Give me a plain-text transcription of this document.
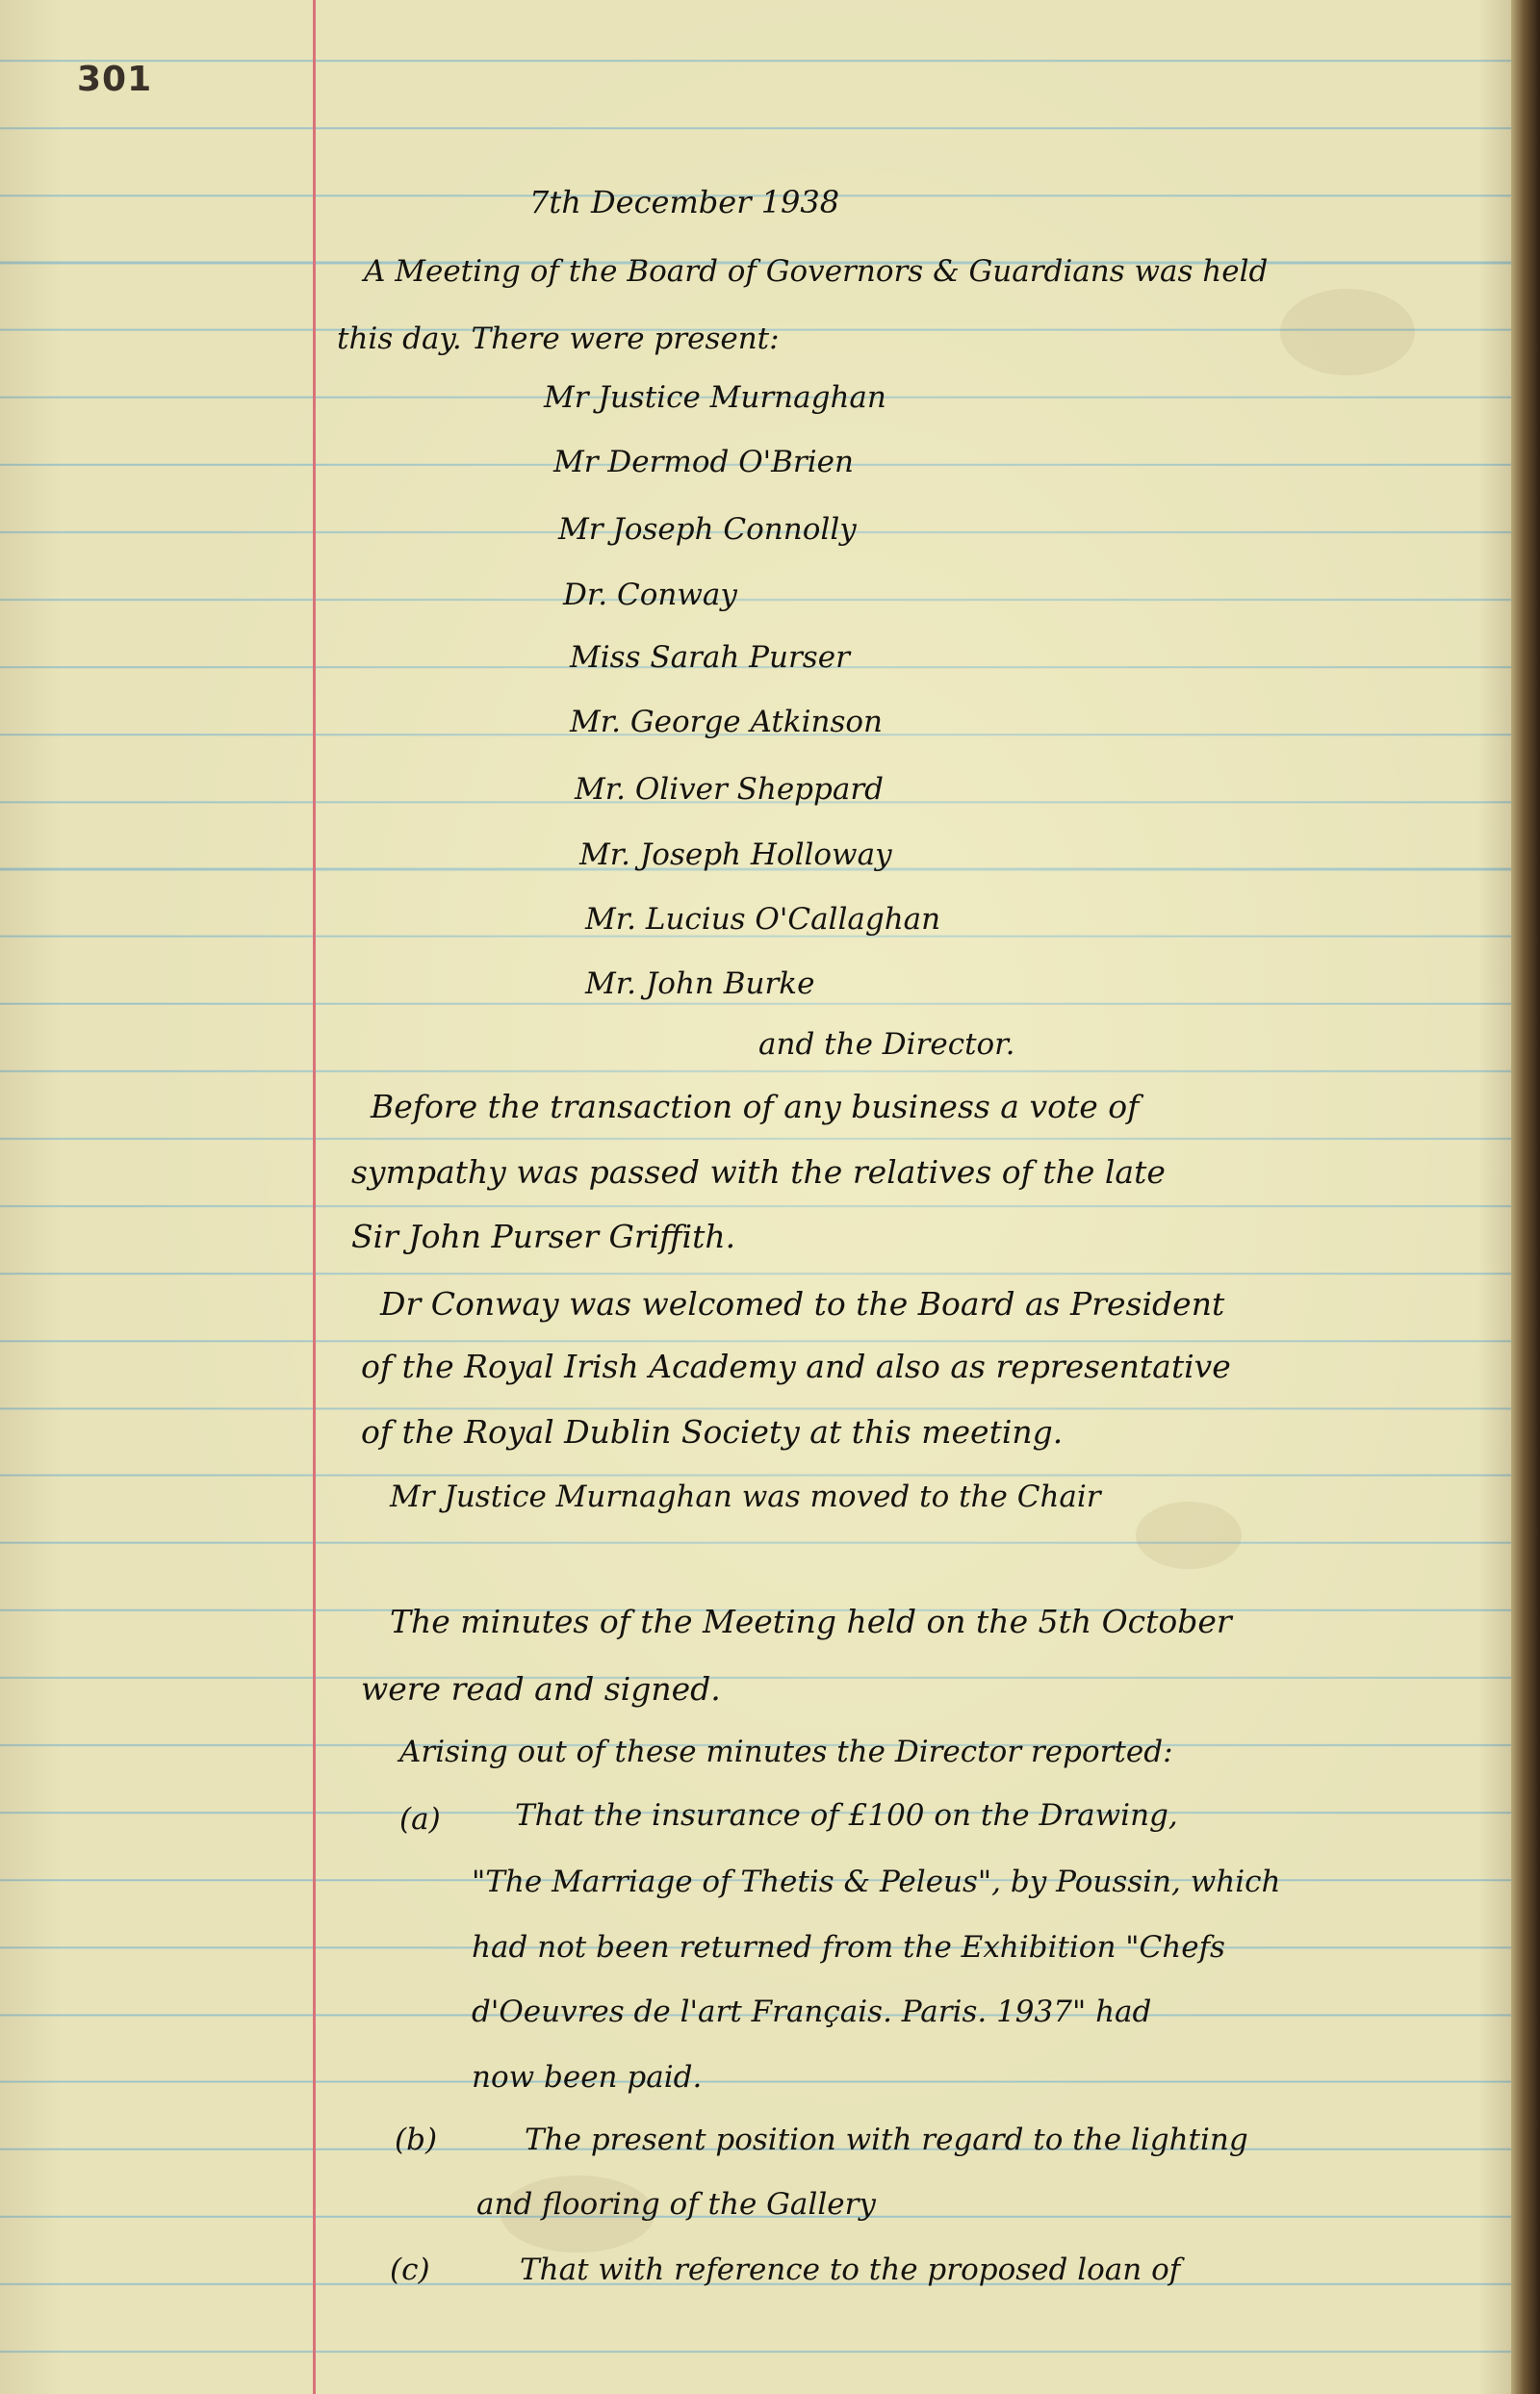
301

7th December 1938

A Meeting of the Board of Governors & Guardians was held

this day. There were present:

Mr Justice Murnaghan

Mr Dermod O'Brien

Mr Joseph Connolly

Dr. Conway

Miss Sarah Purser

Mr. George Atkinson

Mr. Oliver Sheppard

Mr. Joseph Holloway

Mr. Lucius O'Callaghan

Mr. John Burke

and the Director.

Before the transaction of any business a vote of

sympathy was passed with the relatives of the late

Sir John Purser Griffith.

Dr Conway was welcomed to the Board as President

of the Royal Irish Academy and also as representative

of the Royal Dublin Society at this meeting.

Mr Justice Murnaghan was moved to the Chair

The minutes of the Meeting held on the 5th October

were read and signed.

Arising out of these minutes the Director reported:

(a) That the insurance of £100 on the Drawing,

"The Marriage of Thetis & Peleus", by Poussin, which

had not been returned from the Exhibition "Chefs

d'Oeuvres de l'art Français. Paris. 1937" had

now been paid.

(b)	The present position with regard to the lighting

and flooring of the Gallery

(c)	That with reference to the proposed loan of
